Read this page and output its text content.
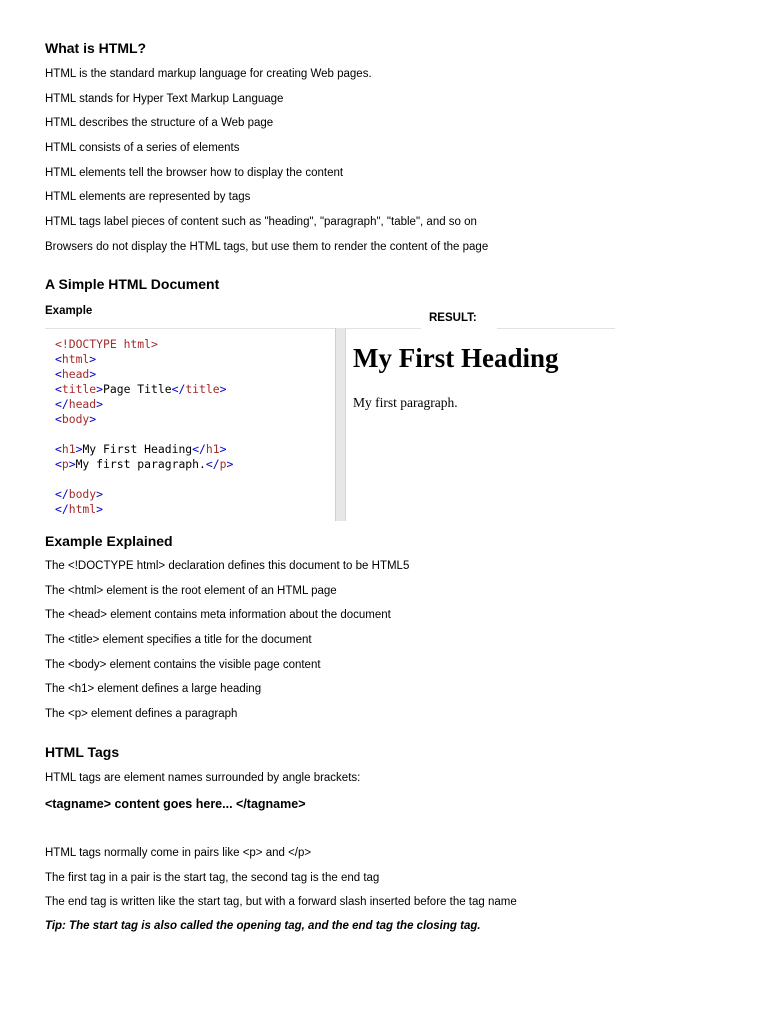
What is HTML?
HTML is the standard markup language for creating Web pages.
HTML stands for Hyper Text Markup Language
HTML describes the structure of a Web page
HTML consists of a series of elements
HTML elements tell the browser how to display the content
HTML elements are represented by tags
HTML tags label pieces of content such as "heading", "paragraph", "table", and so on
Browsers do not display the HTML tags, but use them to render the content of the page
A Simple HTML Document
Example
RESULT:
<!DOCTYPE html>
<html>
<head>
<title>Page Title</title>
</head>
<body>
<h1>My First Heading</h1>
<p>My first paragraph.</p>
</body>
</html>
My First Heading
My first paragraph.
Example Explained
The <!DOCTYPE html> declaration defines this document to be HTML5
The <html> element is the root element of an HTML page
The <head> element contains meta information about the document
The <title> element specifies a title for the document
The <body> element contains the visible page content
The <h1> element defines a large heading
The <p> element defines a paragraph
HTML Tags
HTML tags are element names surrounded by angle brackets:
<tagname> content goes here... </tagname>
HTML tags normally come in pairs like <p> and </p>
The first tag in a pair is the start tag, the second tag is the end tag
The end tag is written like the start tag, but with a forward slash inserted before the tag name
Tip: The start tag is also called the opening tag, and the end tag the closing tag.
